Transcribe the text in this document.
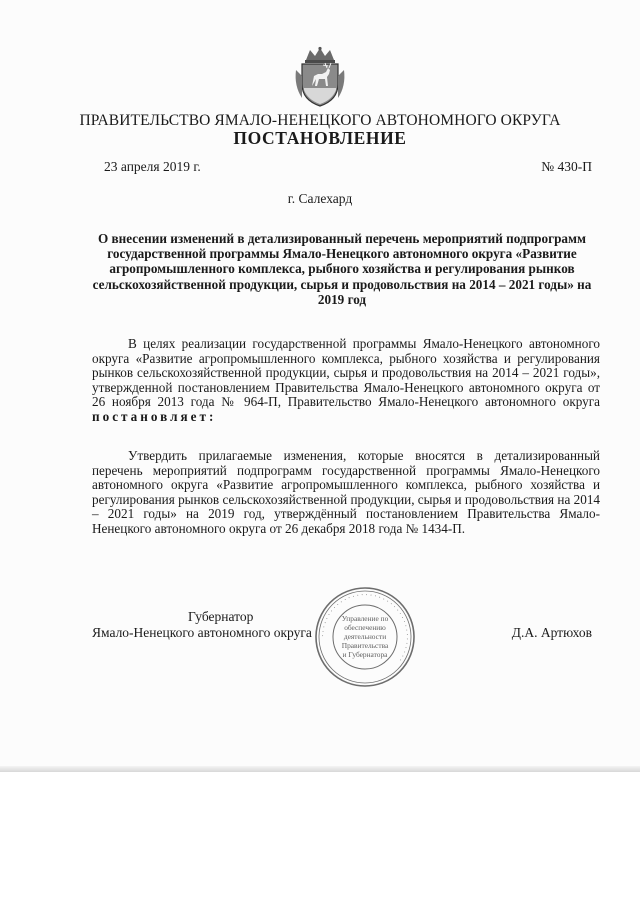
ПРАВИТЕЛЬСТВО ЯМАЛО-НЕНЕЦКОГО АВТОНОМНОГО ОКРУГА
ПОСТАНОВЛЕНИЕ
23 апреля 2019 г.	№ 430-П
г. Салехард
О внесении изменений в детализированный перечень мероприятий подпрограмм государственной программы Ямало-Ненецкого автономного округа «Развитие агропромышленного комплекса, рыбного хозяйства и регулирования рынков сельскохозяйственной продукции, сырья и продовольствия на 2014 – 2021 годы» на 2019 год
В целях реализации государственной программы Ямало-Ненецкого автономного округа «Развитие агропромышленного комплекса, рыбного хозяйства и регулирования рынков сельскохозяйственной продукции, сырья и продовольствия на 2014 – 2021 годы», утвержденной постановлением Правительства Ямало-Ненецкого автономного округа от 26 ноября 2013 года № 964-П, Правительство Ямало-Ненецкого автономного округа постановляет:
Утвердить прилагаемые изменения, которые вносятся в детализированный перечень мероприятий подпрограмм государственной программы Ямало-Ненецкого автономного округа «Развитие агропромышленного комплекса, рыбного хозяйства и регулирования рынков сельскохозяйственной продукции, сырья и продовольствия на 2014 – 2021 годы» на 2019 год, утверждённый постановлением Правительства Ямало-Ненецкого автономного округа от 26 декабря 2018 года № 1434-П.
Губернатор
Ямало-Ненецкого автономного округа	Д.А. Артюхов
· · · · · · · · · · · · · · · · · · · · · · · · · · · · · · · · · · · ·
Управление по
обеспечению
деятельности
Правительства
и Губернатора
